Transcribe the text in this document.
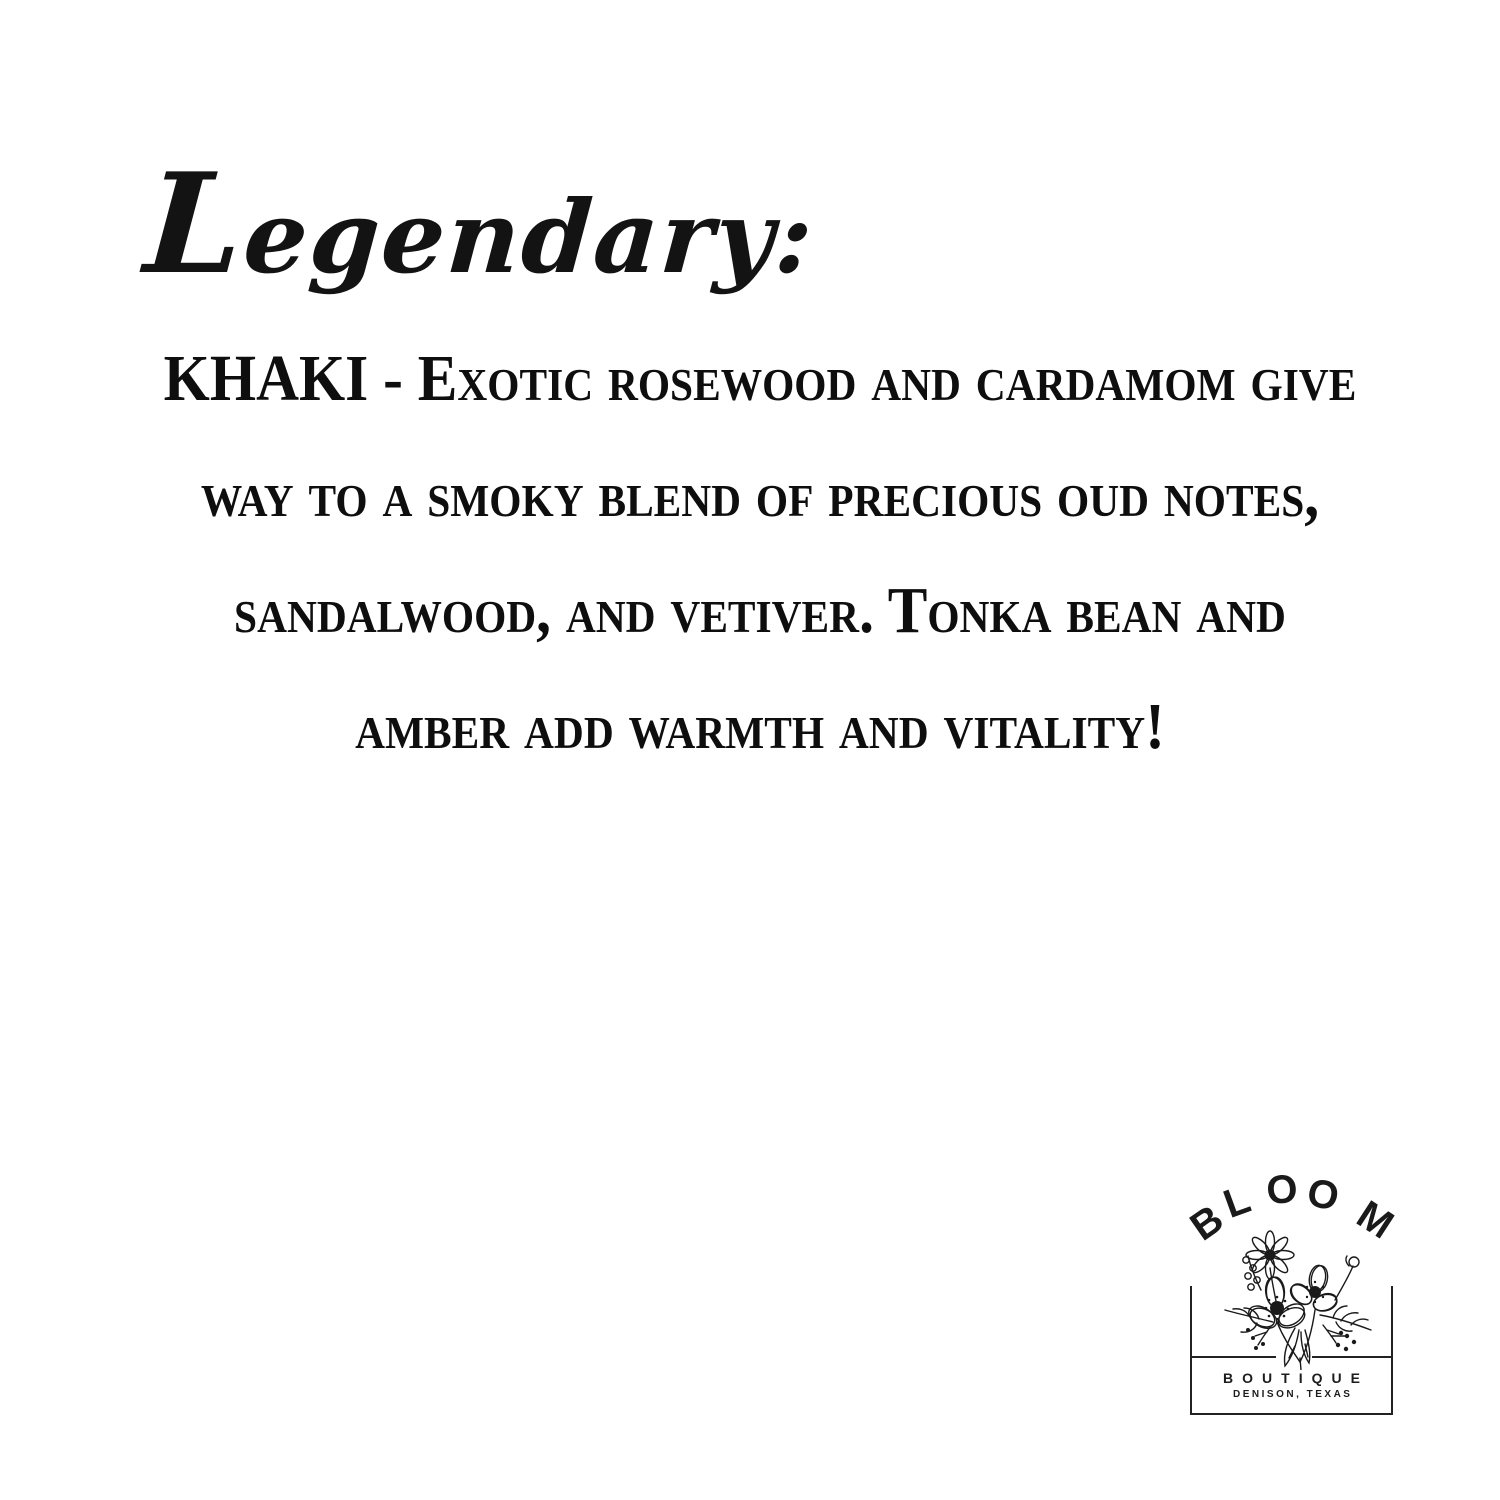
Legendary:
KHAKI - Exotic rosewood and cardamom give
way to a smoky blend of precious oud notes,
sandalwood, and vetiver. Tonka bean and
amber add warmth and vitality!
B
L O O M
BOUTIQUE
DENISON, TEXAS
